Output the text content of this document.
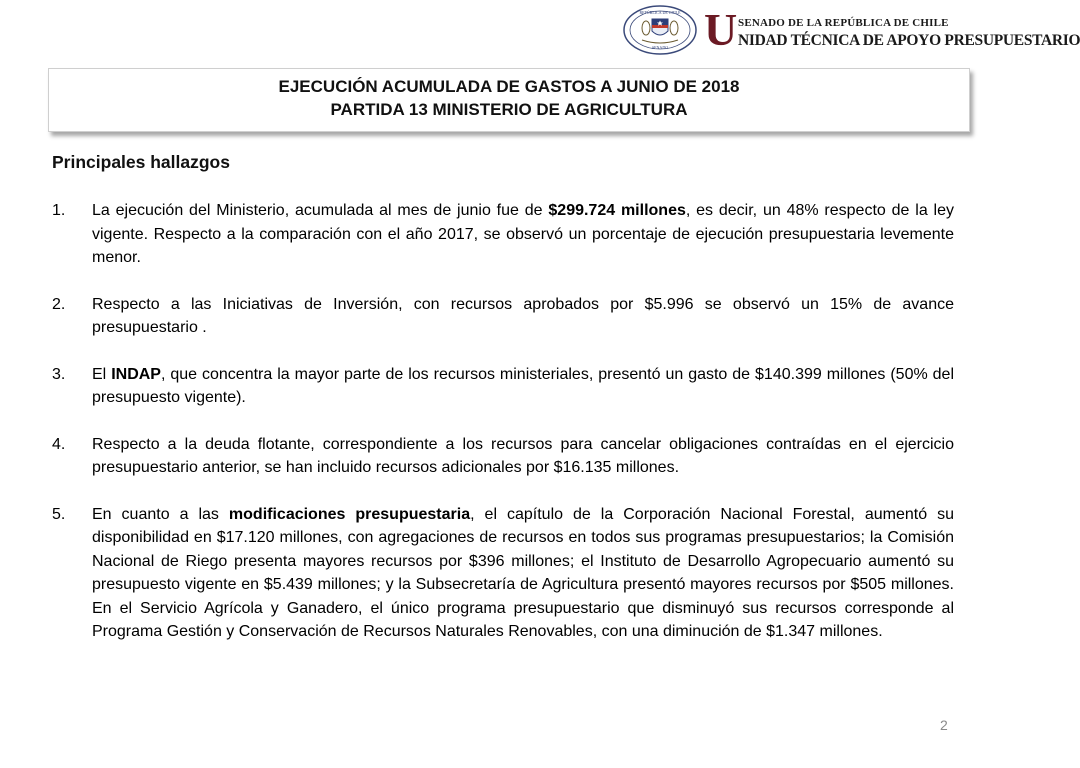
REPÚBLICA DE CHILE
SENADO U SENADO DE LA REPÚBLICA DE CHILE
NIDAD TÉCNICA DE APOYO PRESUPUESTARIO
EJECUCIÓN ACUMULADA DE GASTOS A JUNIO DE 2018
PARTIDA 13 MINISTERIO DE AGRICULTURA
Principales hallazgos
1. La ejecución del Ministerio, acumulada al mes de junio fue de $299.724 millones, es decir, un 48% respecto de la ley vigente. Respecto a la comparación con el año 2017, se observó un porcentaje de ejecución presupuestaria levemente menor.
2. Respecto a las Iniciativas de Inversión, con recursos aprobados por $5.996 se observó un 15% de avance presupuestario .
3. El INDAP, que concentra la mayor parte de los recursos ministeriales, presentó un gasto de $140.399 millones (50% del presupuesto vigente).
4. Respecto a la deuda flotante, correspondiente a los recursos para cancelar obligaciones contraídas en el ejercicio presupuestario anterior, se han incluido recursos adicionales por $16.135 millones.
5. En cuanto a las modificaciones presupuestaria, el capítulo de la Corporación Nacional Forestal, aumentó su disponibilidad en $17.120 millones, con agregaciones de recursos en todos sus programas presupuestarios; la Comisión Nacional de Riego presenta mayores recursos por $396 millones; el Instituto de Desarrollo Agropecuario aumentó su presupuesto vigente en $5.439 millones; y la Subsecretaría de Agricultura presentó mayores recursos por $505 millones. En el Servicio Agrícola y Ganadero, el único programa presupuestario que disminuyó sus recursos corresponde al Programa Gestión y Conservación de Recursos Naturales Renovables, con una diminución de $1.347 millones.
2
